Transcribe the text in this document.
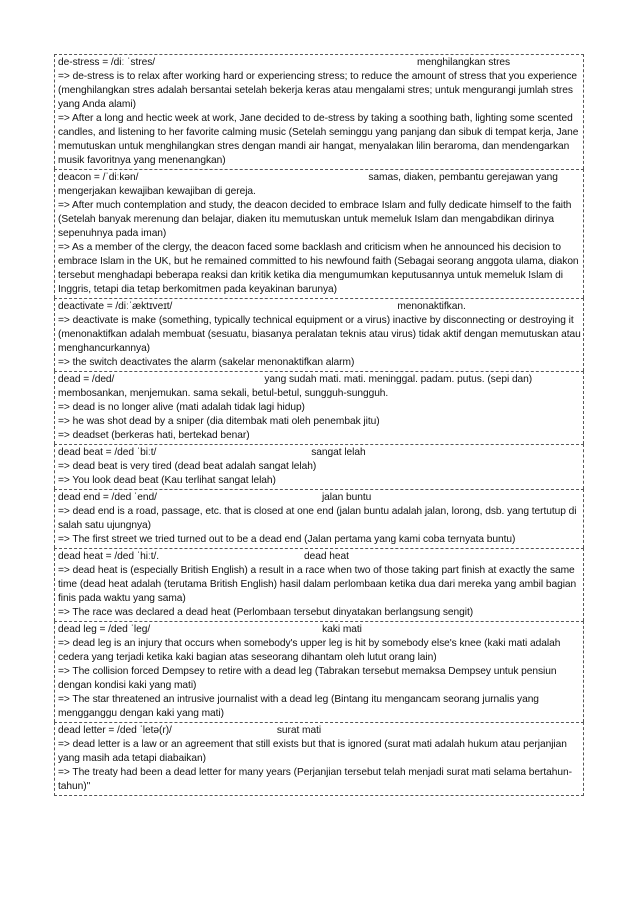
de-stress = /diː ˈstres/	menghilangkan stres
=> de-stress is to relax after working hard or experiencing stress; to reduce the amount of stress that you experience (menghilangkan stres adalah bersantai setelah bekerja keras atau mengalami stres; untuk mengurangi jumlah stres yang Anda alami)
=> After a long and hectic week at work, Jane decided to de-stress by taking a soothing bath, lighting some scented candles, and listening to her favorite calming music (Setelah seminggu yang panjang dan sibuk di tempat kerja, Jane memutuskan untuk menghilangkan stres dengan mandi air hangat, menyalakan lilin beraroma, dan mendengarkan musik favoritnya yang menenangkan)
deacon = /ˈdiːkən/	samas, diaken, pembantu gerejawan yang mengerjakan kewajiban kewajiban di gereja.
=> After much contemplation and study, the deacon decided to embrace Islam and fully dedicate himself to the faith (Setelah banyak merenung dan belajar, diaken itu memutuskan untuk memeluk Islam dan mengabdikan dirinya sepenuhnya pada iman)
=> As a member of the clergy, the deacon faced some backlash and criticism when he announced his decision to embrace Islam in the UK, but he remained committed to his newfound faith (Sebagai seorang anggota ulama, diakon tersebut menghadapi beberapa reaksi dan kritik ketika dia mengumumkan keputusannya untuk memeluk Islam di Inggris, tetapi dia tetap berkomitmen pada keyakinan barunya)
deactivate = /diːˈæktɪveɪt/	menonaktifkan.
=> deactivate is make (something, typically technical equipment or a virus) inactive by disconnecting or destroying it (menonaktifkan adalah membuat (sesuatu, biasanya peralatan teknis atau virus) tidak aktif dengan memutuskan atau menghancurkannya)
=> the switch deactivates the alarm (sakelar menonaktifkan alarm)
dead = /ded/	yang sudah mati. mati. meninggal. padam. putus. (sepi dan) membosankan, menjemukan. sama sekali, betul-betul, sungguh-sungguh.
=> dead is no longer alive (mati adalah tidak lagi hidup)
=> he was shot dead by a sniper (dia ditembak mati oleh penembak jitu)
=> deadset (berkeras hati, bertekad benar)
dead beat = /ded ˈbiːt/	sangat lelah
=> dead beat is very tired (dead beat adalah sangat lelah)
=> You look dead beat (Kau terlihat sangat lelah)
dead end = /ded ˈend/	jalan buntu
=> dead end is a road, passage, etc. that is closed at one end (jalan buntu adalah jalan, lorong, dsb. yang tertutup di salah satu ujungnya)
=> The first street we tried turned out to be a dead end (Jalan pertama yang kami coba ternyata buntu)
dead heat = /ded ˈhiːt/.	dead heat
=> dead heat is (especially British English) a result in a race when two of those taking part finish at exactly the same time (dead heat adalah (terutama British English) hasil dalam perlombaan ketika dua dari mereka yang ambil bagian finis pada waktu yang sama)
=> The race was declared a dead heat (Perlombaan tersebut dinyatakan berlangsung sengit)
dead leg = /ded ˈleɡ/	kaki mati
=> dead leg is an injury that occurs when somebody's upper leg is hit by somebody else's knee (kaki mati adalah cedera yang terjadi ketika kaki bagian atas seseorang dihantam oleh lutut orang lain)
=> The collision forced Dempsey to retire with a dead leg (Tabrakan tersebut memaksa Dempsey untuk pensiun dengan kondisi kaki yang mati)
=> The star threatened an intrusive journalist with a dead leg (Bintang itu mengancam seorang jurnalis yang mengganggu dengan kaki yang mati)
dead letter = /ded ˈletə(r)/	surat mati
=> dead letter is a law or an agreement that still exists but that is ignored (surat mati adalah hukum atau perjanjian yang masih ada tetapi diabaikan)
=> The treaty had been a dead letter for many years (Perjanjian tersebut telah menjadi surat mati selama bertahun-tahun)"
